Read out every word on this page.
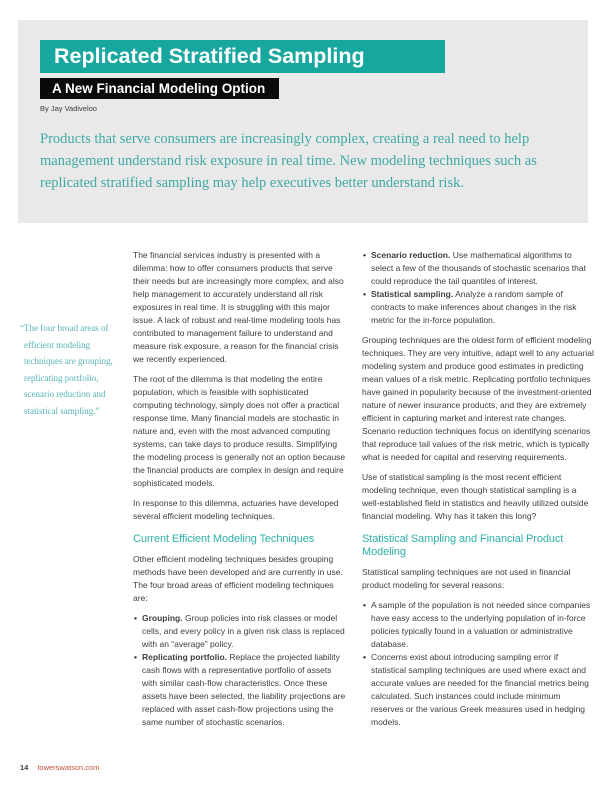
Replicated Stratified Sampling
A New Financial Modeling Option
By Jay Vadiveloo
Products that serve consumers are increasingly complex, creating a real need to help management understand risk exposure in real time. New modeling techniques such as replicated stratified sampling may help executives better understand risk.
“The four broad areas of efficient modeling techniques are grouping, replicating portfolio, scenario reduction and statistical sampling.”

The financial services industry is presented with a dilemma: how to offer consumers products that serve their needs but are increasingly more complex, and also help management to accurately understand all risk exposures in real time. It is struggling with this major issue. A lack of robust and real-time modeling tools has contributed to management failure to understand and measure risk exposure, a reason for the financial crisis we recently experienced.

The root of the dilemma is that modeling the entire population, which is feasible with sophisticated computing technology, simply does not offer a practical response time. Many financial models are stochastic in nature and, even with the most advanced computing systems, can take days to produce results. Simplifying the modeling process is generally not an option because the financial products are complex in design and require sophisticated models.

In response to this dilemma, actuaries have developed several efficient modeling techniques.

Current Efficient Modeling Techniques

Other efficient modeling techniques besides grouping methods have been developed and are currently in use. The four broad areas of efficient modeling techniques are:

• Grouping. Group policies into risk classes or model cells, and every policy in a given risk class is replaced with an “average” policy.
• Replicating portfolio. Replace the projected liability cash flows with a representative portfolio of assets with similar cash-flow characteristics. Once these assets have been selected, the liability projections are replaced with asset cash-flow projections using the same number of stochastic scenarios.
• Scenario reduction. Use mathematical algorithms to select a few of the thousands of stochastic scenarios that could reproduce the tail quantiles of interest.
• Statistical sampling. Analyze a random sample of contracts to make inferences about changes in the risk metric for the in-force population.

Grouping techniques are the oldest form of efficient modeling techniques. They are very intuitive, adapt well to any actuarial modeling system and produce good estimates in predicting mean values of a risk metric. Replicating portfolio techniques have gained in popularity because of the investment-oriented nature of newer insurance products, and they are extremely efficient in capturing market and interest rate changes. Scenario reduction techniques focus on identifying scenarios that reproduce tail values of the risk metric, which is typically what is needed for capital and reserving requirements.

Use of statistical sampling is the most recent efficient modeling technique, even though statistical sampling is a well-established field in statistics and heavily utilized outside financial modeling. Why has it taken this long?

Statistical Sampling and Financial Product Modeling

Statistical sampling techniques are not used in financial product modeling for several reasons:

• A sample of the population is not needed since companies have easy access to the underlying population of in-force policies typically found in a valuation or administrative database.
• Concerns exist about introducing sampling error if statistical sampling techniques are used where exact and accurate values are needed for the financial metrics being calculated. Such instances could include minimum reserves or the various Greek measures used in hedging models.
14 towerswatson.com
